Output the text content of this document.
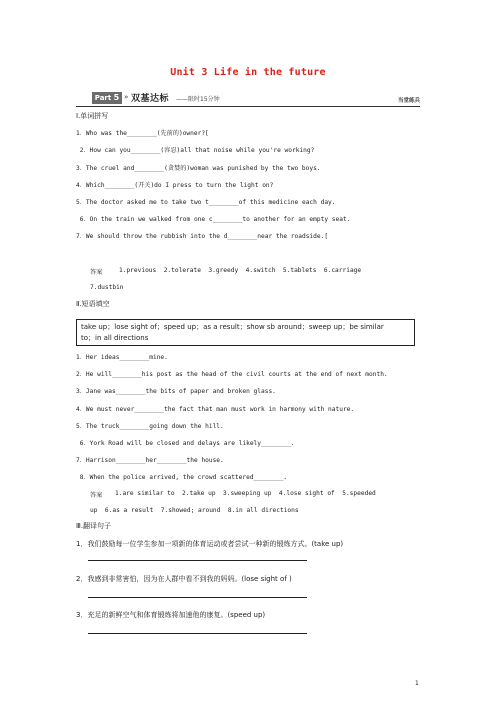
Unit 3 Life in the future
Part 5 » 双基达标 ——限时15分钟	当堂练兵
Ⅰ.单词拼写
1．Who was the________(先前的)owner?[
2．How can you________(容忍)all that noise while you're working?
3．The cruel and________(贪婪的)woman was punished by the two boys.
4．Which________(开关)do I press to turn the light on?
5．The doctor asked me to take two t________of this medicine each day.
6．On the train we walked from one c________to another for an empty seat.
7．We should throw the rubbish into the d________near the roadside.[
答案	1.previous  2.tolerate  3.greedy  4.switch  5.tablets  6.carriage
7.dustbin
Ⅱ.短语填空
take up；lose sight of；speed up；as a result；show sb around；sweep up；be similar
to；in all directions
1．Her ideas________mine.
2．He will________his post as the head of the civil courts at the end of next month.
3．Jane was________the bits of paper and broken glass.
4．We must never________the fact that man must work in harmony with nature.
5．The truck________going down the hill.
6．York Road will be closed and delays are likely________.
7．Harrison________her________the house.
8．When the police arrived, the crowd scattered________.
答案 1.are similar to  2.take up  3.sweeping up  4.lose sight of  5.speeded
up  6.as a result  7.showed; around  8.in all directions
Ⅲ.翻译句子
1．我们鼓励每一位学生参加一项新的体育运动或者尝试一种新的锻炼方式。(take up)
2．我感到非常害怕，因为在人群中看不到我的妈妈。(lose sight of )
3．充足的新鲜空气和体育锻炼将加速他的康复。(speed up)
1
